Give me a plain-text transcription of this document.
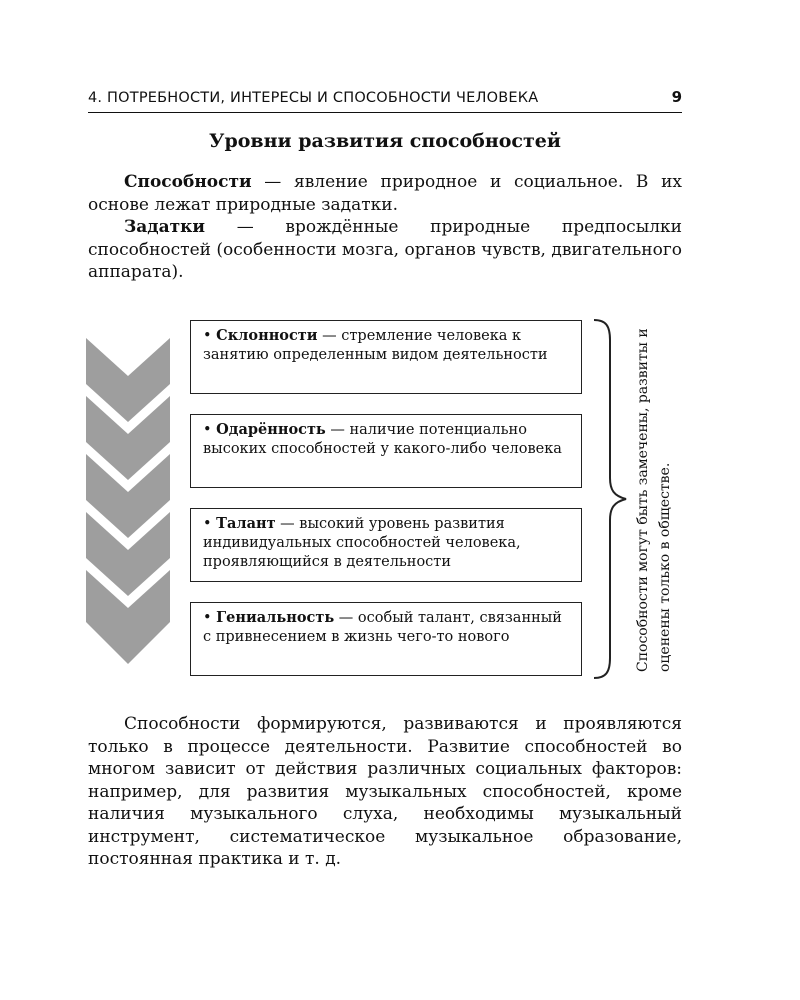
9
4. ПОТРЕБНОСТИ, ИНТЕРЕСЫ И СПОСОБНОСТИ ЧЕЛОВЕКА
Уровни развития способностей

Способности — явление природное и социальное. В их основе лежат природные задатки.

Задатки — врождённые природные предпосылки способностей (особенности мозга, органов чувств, двигательного аппарата).

• Склонности — стремление человека к занятию определенным видом деятельности
• Одарённость — наличие потенциально высоких способностей у какого-либо человека
• Талант — высокий уровень развития индивидуальных способностей человека, проявляющийся в деятельности
• Гениальность — особый талант, связанный с привнесением в жизнь чего-то нового	Способности могут быть замечены, развиты и оценены только в обществе.

Способности формируются, развиваются и проявляются только в процессе деятельности. Развитие способностей во многом зависит от действия различных социальных факторов: например, для развития музыкальных способностей, кроме наличия музыкального слуха, необходимы музыкальный инструмент, систематическое музыкальное образование, постоянная практика и т. д.
